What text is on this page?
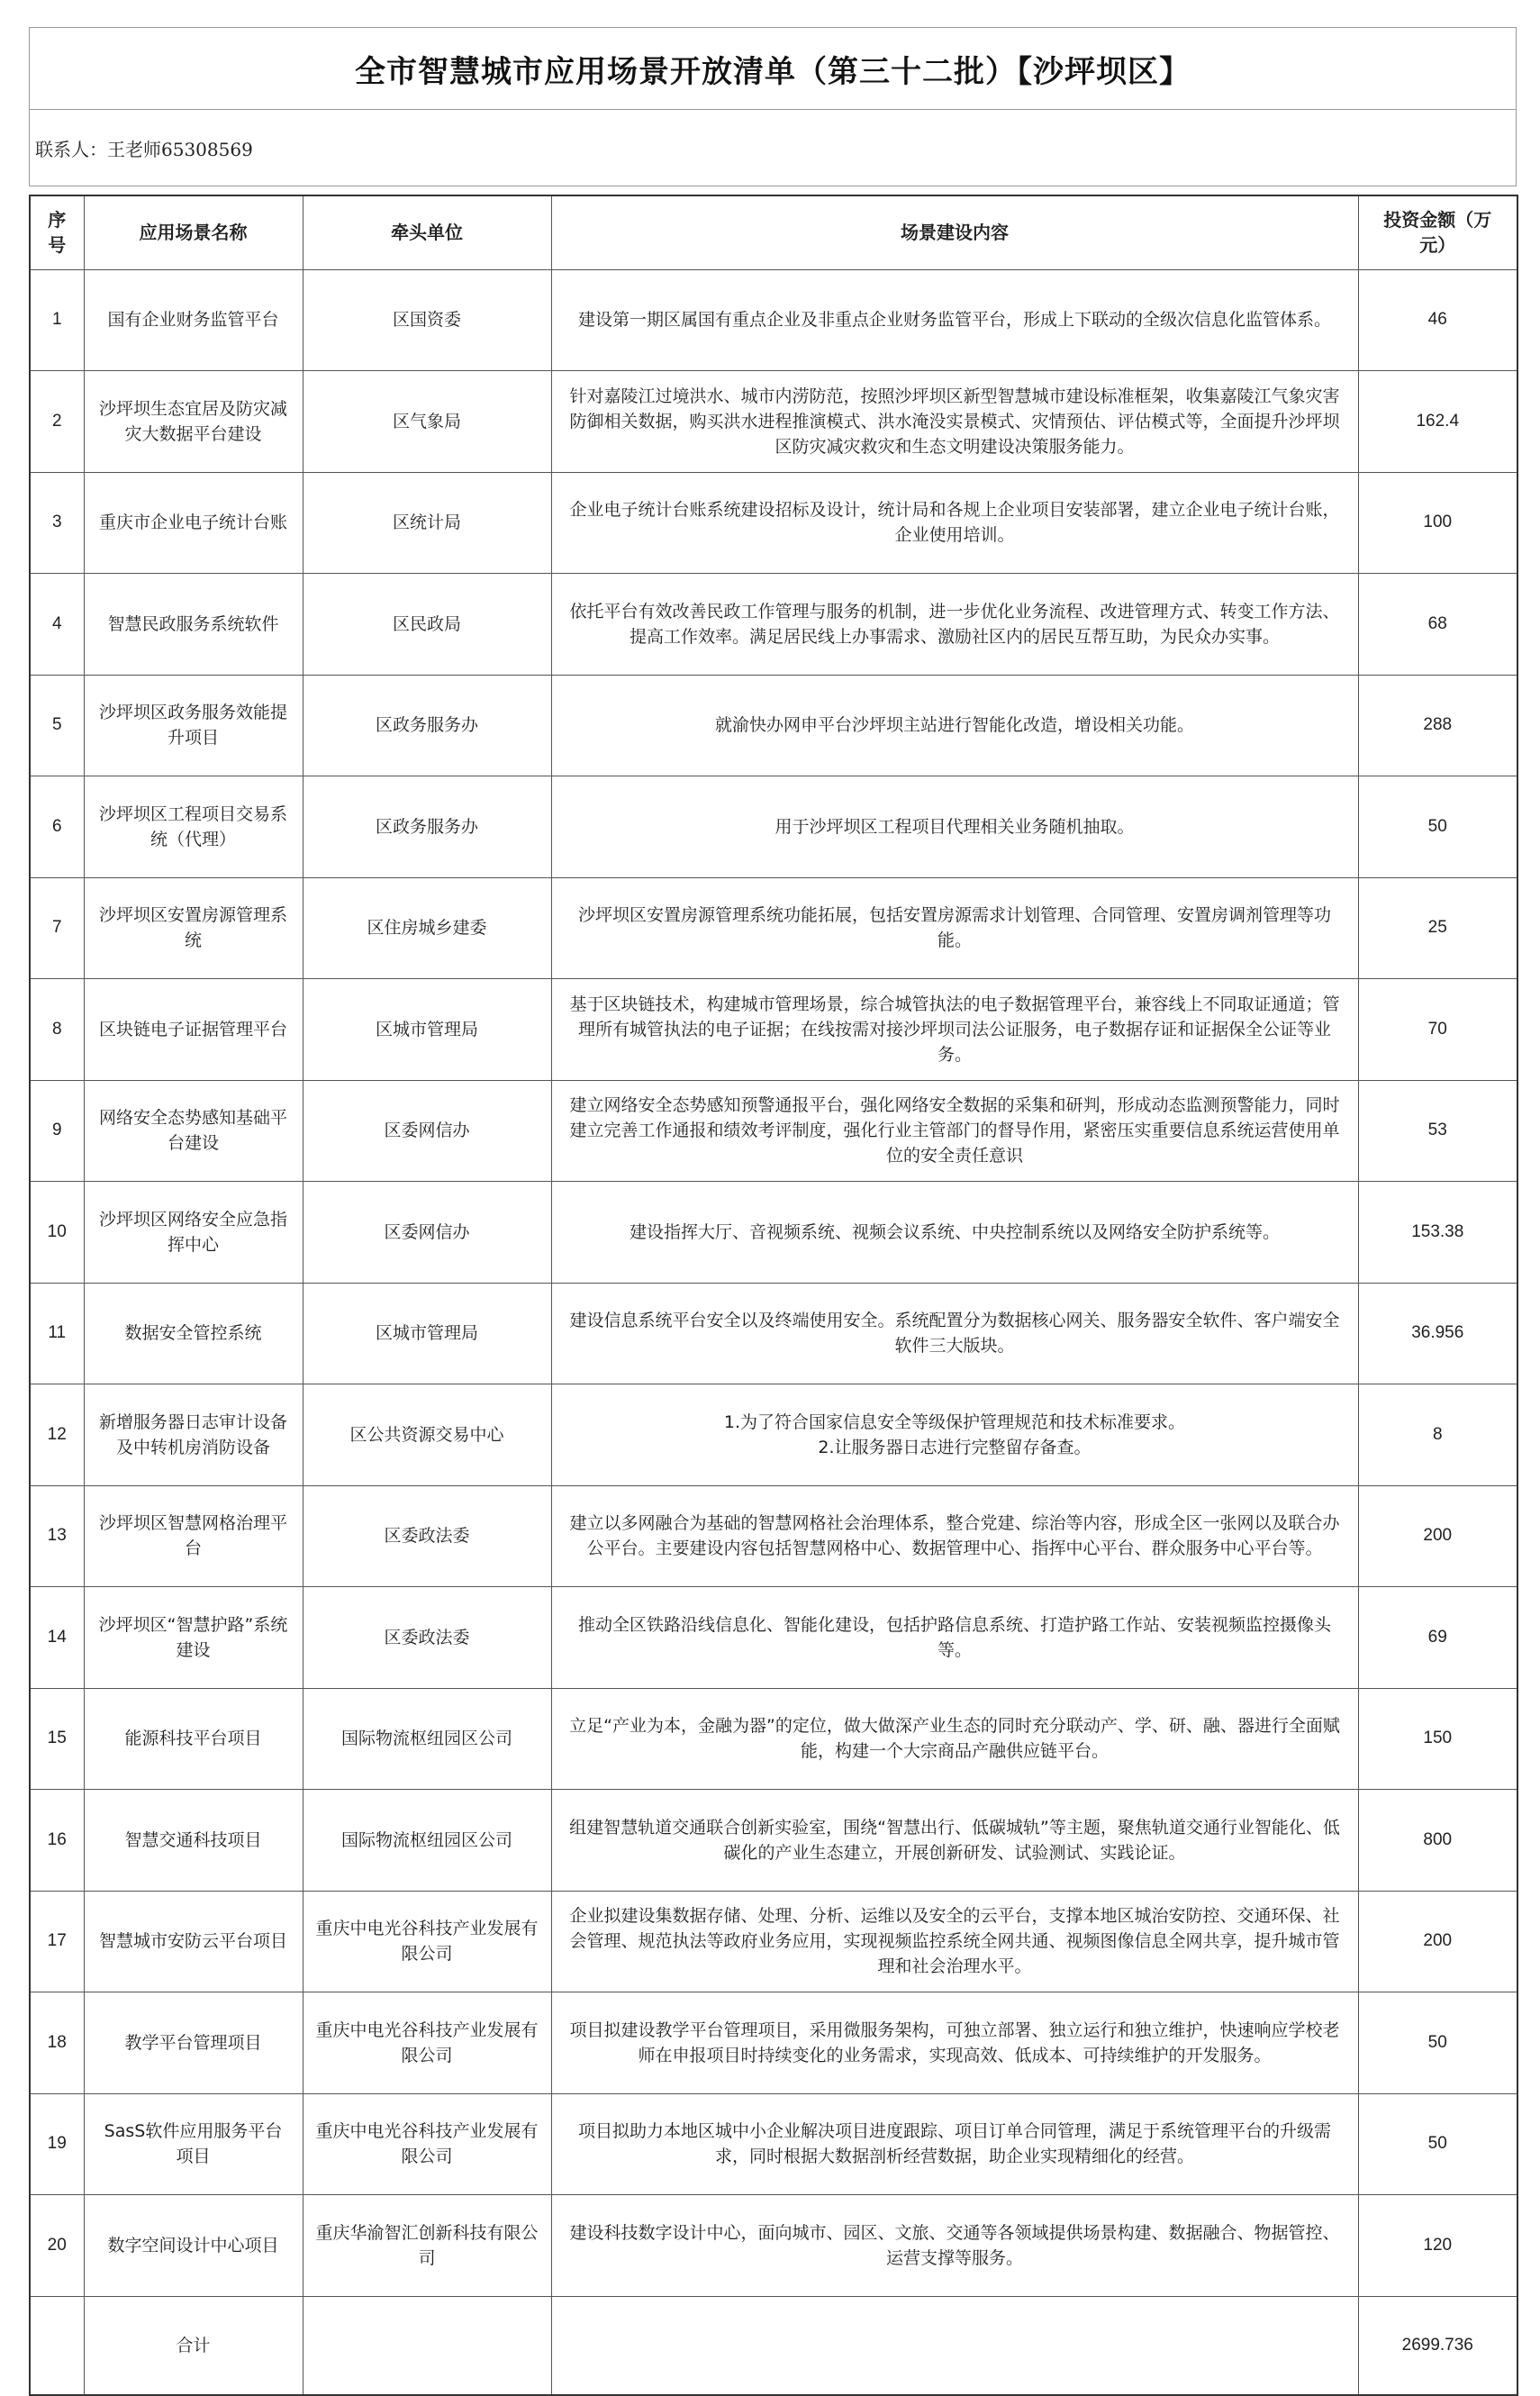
全市智慧城市应用场景开放清单（第三十二批）【沙坪坝区】
联系人：王老师65308569
序号	应用场景名称	牵头单位	场景建设内容	投资金额（万元）
1	国有企业财务监管平台	区国资委	建设第一期区属国有重点企业及非重点企业财务监管平台，形成上下联动的全级次信息化监管体系。	46
2	沙坪坝生态宜居及防灾减灾大数据平台建设	区气象局	针对嘉陵江过境洪水、城市内涝防范，按照沙坪坝区新型智慧城市建设标准框架，收集嘉陵江气象灾害防御相关数据，购买洪水进程推演模式、洪水淹没实景模式、灾情预估、评估模式等，全面提升沙坪坝区防灾减灾救灾和生态文明建设决策服务能力。	162.4
3	重庆市企业电子统计台账	区统计局	企业电子统计台账系统建设招标及设计，统计局和各规上企业项目安装部署，建立企业电子统计台账，企业使用培训。	100
4	智慧民政服务系统软件	区民政局	依托平台有效改善民政工作管理与服务的机制，进一步优化业务流程、改进管理方式、转变工作方法、提高工作效率。满足居民线上办事需求、激励社区内的居民互帮互助，为民众办实事。	68
5	沙坪坝区政务服务效能提升项目	区政务服务办	就渝快办网申平台沙坪坝主站进行智能化改造，增设相关功能。	288
6	沙坪坝区工程项目交易系统（代理）	区政务服务办	用于沙坪坝区工程项目代理相关业务随机抽取。	50
7	沙坪坝区安置房源管理系统	区住房城乡建委	沙坪坝区安置房源管理系统功能拓展，包括安置房源需求计划管理、合同管理、安置房调剂管理等功能。	25
8	区块链电子证据管理平台	区城市管理局	基于区块链技术，构建城市管理场景，综合城管执法的电子数据管理平台，兼容线上不同取证通道；管理所有城管执法的电子证据；在线按需对接沙坪坝司法公证服务，电子数据存证和证据保全公证等业务。	70
9	网络安全态势感知基础平台建设	区委网信办	建立网络安全态势感知预警通报平台，强化网络安全数据的采集和研判，形成动态监测预警能力，同时建立完善工作通报和绩效考评制度，强化行业主管部门的督导作用，紧密压实重要信息系统运营使用单位的安全责任意识	53
10	沙坪坝区网络安全应急指挥中心	区委网信办	建设指挥大厅、音视频系统、视频会议系统、中央控制系统以及网络安全防护系统等。	153.38
11	数据安全管控系统	区城市管理局	建设信息系统平台安全以及终端使用安全。系统配置分为数据核心网关、服务器安全软件、客户端安全软件三大版块。	36.956
12	新增服务器日志审计设备及中转机房消防设备	区公共资源交易中心	1.为了符合国家信息安全等级保护管理规范和技术标准要求。
2.让服务器日志进行完整留存备查。	8
13	沙坪坝区智慧网格治理平台	区委政法委	建立以多网融合为基础的智慧网格社会治理体系，整合党建、综治等内容，形成全区一张网以及联合办公平台。主要建设内容包括智慧网格中心、数据管理中心、指挥中心平台、群众服务中心平台等。	200
14	沙坪坝区“智慧护路”系统建设	区委政法委	推动全区铁路沿线信息化、智能化建设，包括护路信息系统、打造护路工作站、安装视频监控摄像头等。	69
15	能源科技平台项目	国际物流枢纽园区公司	立足“产业为本，金融为器”的定位，做大做深产业生态的同时充分联动产、学、研、融、器进行全面赋能，构建一个大宗商品产融供应链平台。	150
16	智慧交通科技项目	国际物流枢纽园区公司	组建智慧轨道交通联合创新实验室，围绕“智慧出行、低碳城轨”等主题，聚焦轨道交通行业智能化、低碳化的产业生态建立，开展创新研发、试验测试、实践论证。	800
17	智慧城市安防云平台项目	重庆中电光谷科技产业发展有限公司	企业拟建设集数据存储、处理、分析、运维以及安全的云平台，支撑本地区城治安防控、交通环保、社会管理、规范执法等政府业务应用，实现视频监控系统全网共通、视频图像信息全网共享，提升城市管理和社会治理水平。	200
18	教学平台管理项目	重庆中电光谷科技产业发展有限公司	项目拟建设教学平台管理项目，采用微服务架构，可独立部署、独立运行和独立维护，快速响应学校老师在申报项目时持续变化的业务需求，实现高效、低成本、可持续维护的开发服务。	50
19	SasS软件应用服务平台项目	重庆中电光谷科技产业发展有限公司	项目拟助力本地区城中小企业解决项目进度跟踪、项目订单合同管理，满足于系统管理平台的升级需求，同时根据大数据剖析经营数据，助企业实现精细化的经营。	50
20	数字空间设计中心项目	重庆华渝智汇创新科技有限公司	建设科技数字设计中心，面向城市、园区、文旅、交通等各领域提供场景构建、数据融合、物据管控、运营支撑等服务。	120
	合计			2699.736
